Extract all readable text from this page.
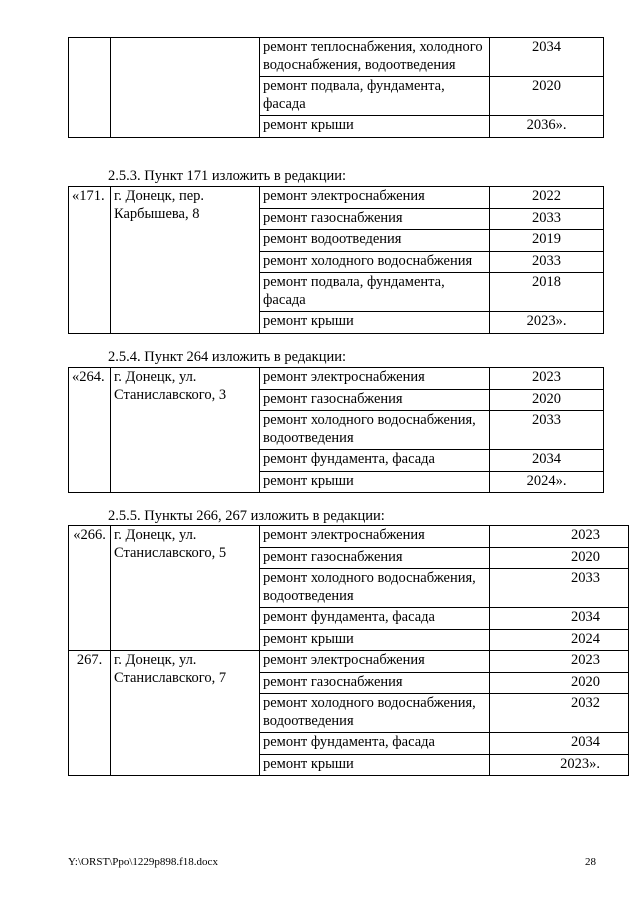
		ремонт теплоснабжения, холодного водоснабжения, водоотведения	2034
		ремонт подвала, фундамента, фасада	2020
		ремонт крыши	2036».
2.5.3. Пункт 171 изложить в редакции:
«171.	г. Донецк, пер. Карбышева, 8	ремонт электроснабжения	2022
		ремонт газоснабжения	2033
		ремонт водоотведения	2019
		ремонт холодного водоснабжения	2033
		ремонт подвала, фундамента, фасада	2018
		ремонт крыши	2023».
2.5.4. Пункт 264 изложить в редакции:
«264.	г. Донецк, ул. Станиславского, 3	ремонт электроснабжения	2023
		ремонт газоснабжения	2020
		ремонт холодного водоснабжения, водоотведения	2033
		ремонт фундамента, фасада	2034
		ремонт крыши	2024».
2.5.5. Пункты 266, 267 изложить в редакции:
«266.	г. Донецк, ул. Станиславского, 5	ремонт электроснабжения	2023
		ремонт газоснабжения	2020
		ремонт холодного водоснабжения, водоотведения	2033
		ремонт фундамента, фасада	2034
		ремонт крыши	2024
267.	г. Донецк, ул. Станиславского, 7	ремонт электроснабжения	2023
		ремонт газоснабжения	2020
		ремонт холодного водоснабжения, водоотведения	2032
		ремонт фундамента, фасада	2034
		ремонт крыши	2023».
Y:\ORST\Ppo\1229p898.f18.docx	28
